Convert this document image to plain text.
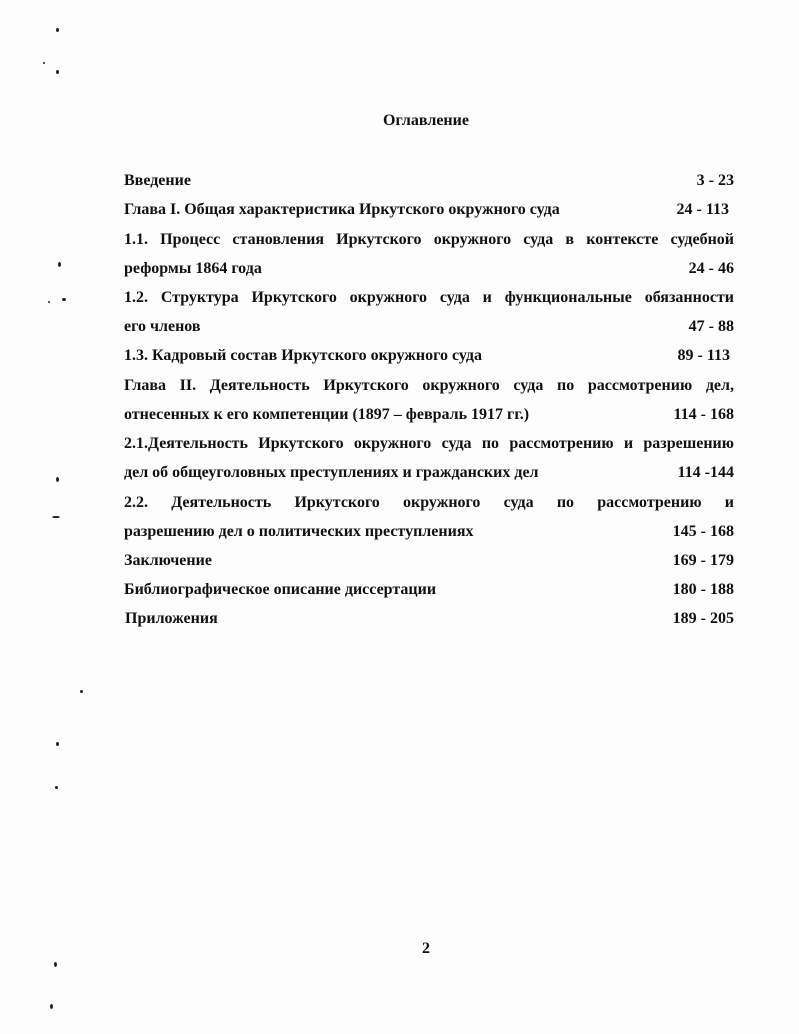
Оглавление
Введение	3 - 23
Глава I. Общая характеристика Иркутского окружного суда	24 - 113
1.1. Процесс становления Иркутского окружного суда в контексте судебной
реформы 1864 года	24 - 46
1.2. Структура Иркутского окружного суда и функциональные обязанности
его членов	47 - 88
1.3. Кадровый состав Иркутского окружного суда	89 - 113
Глава II. Деятельность Иркутского окружного суда по рассмотрению дел,
отнесенных к его компетенции (1897 – февраль 1917 гг.)	114 - 168
2.1.Деятельность Иркутского окружного суда по рассмотрению и разрешению
дел об общеуголовных преступлениях и гражданских дел	114 -144
2.2. Деятельность Иркутского окружного суда по рассмотрению и
разрешению дел о политических преступлениях	145 - 168
Заключение	169 - 179
Библиографическое описание диссертации	180 - 188
Приложения	189 - 205
2
